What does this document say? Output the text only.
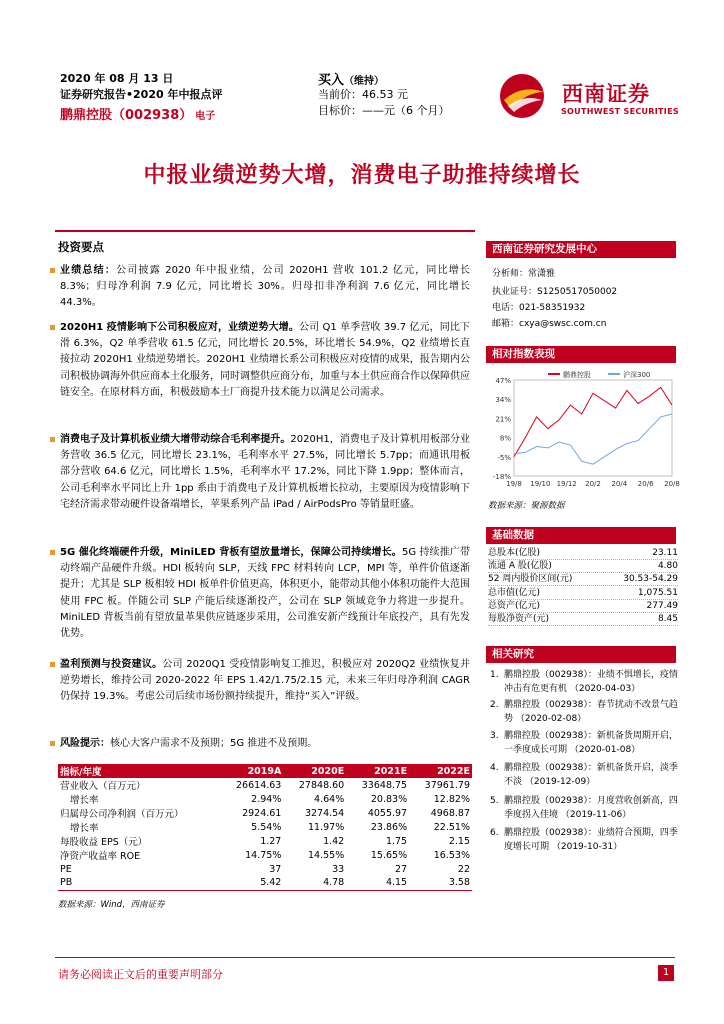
2020 年 08 月 13 日
证券研究报告•2020 年中报点评
鹏鼎控股（002938） 电子
买入（维持）
当前价：46.53 元
目标价：——元（6 个月）
西南证券
SOUTHWEST SECURITIES
中报业绩逆势大增，消费电子助推持续增长
投资要点
业绩总结：公司披露 2020 年中报业绩，公司 2020H1 营收 101.2 亿元，同比增长 8.3%；归母净利润 7.9 亿元，同比增长 30%。归母扣非净利润 7.6 亿元，同比增长 44.3%。
2020H1 疫情影响下公司积极应对，业绩逆势大增。公司 Q1 单季营收 39.7 亿元，同比下滑 6.3%，Q2 单季营收 61.5 亿元，同比增长 20.5%，环比增长 54.9%，Q2 业绩增长直接拉动 2020H1 业绩逆势增长。2020H1 业绩增长系公司积极应对疫情的成果，报告期内公司积极协调海外供应商本土化服务，同时调整供应商分布，加重与本土供应商合作以保障供应链安全。在原材料方面，积极鼓励本土厂商提升技术能力以满足公司需求。
消费电子及计算机板业绩大增带动综合毛利率提升。2020H1，消费电子及计算机用板部分业务营收 36.5 亿元，同比增长 23.1%，毛利率水平 27.5%，同比增长 5.7pp；而通讯用板部分营收 64.6 亿元，同比增长 1.5%，毛利率水平 17.2%，同比下降 1.9pp；整体而言，公司毛利率水平同比上升 1pp 系由于消费电子及计算机板增长拉动，主要原因为疫情影响下宅经济需求带动硬件设备端增长，苹果系列产品 iPad / AirPodsPro 等销量旺盛。
5G 催化终端硬件升级，MiniLED 背板有望放量增长，保障公司持续增长。5G 持续推广带动终端产品硬件升级。HDI 板转向 SLP，天线 FPC 材料转向 LCP，MPI 等，单件价值逐渐提升；尤其是 SLP 板相较 HDI 板单件价值更高，体积更小，能带动其他小体积功能件大范围使用 FPC 板。伴随公司 SLP 产能后续逐渐投产，公司在 SLP 领域竞争力将进一步提升。MiniLED 背板当前有望放量革果供应链逐步采用，公司淮安新产线预计年底投产，具有先发优势。
盈利预测与投资建议。公司 2020Q1 受疫情影响复工推迟，积极应对 2020Q2 业绩恢复并逆势增长，维持公司 2020-2022 年 EPS 1.42/1.75/2.15 元，未来三年归母净利润 CAGR 仍保持 19.3%。考虑公司后续市场份额持续提升，维持“买入”评级。
风险提示：核心大客户需求不及预期；5G 推进不及预期。
指标/年度	2019A	2020E	2021E	2022E
营业收入（百万元）	26614.63	27848.60	33648.75	37961.79
增长率	2.94%	4.64%	20.83%	12.82%
归属母公司净利润（百万元）	2924.61	3274.54	4055.97	4968.87
增长率	5.54%	11.97%	23.86%	22.51%
每股收益 EPS（元）	1.27	1.42	1.75	2.15
净资产收益率 ROE	14.75%	14.55%	15.65%	16.53%
PE	37	33	27	22
PB	5.42	4.78	4.15	3.58
数据来源：Wind，西南证券
西南证券研究发展中心
分析师：常潇雅
执业证号：S1250517050002
电话：021-58351932
邮箱：cxya@swsc.com.cn
相对指数表现
47%
34%
21%
8%
-5%
-18%
19/8 19/10 19/12 20/2 20/4 20/6 20/8
鹏鼎控股	沪深300
数据来源：聚源数据
基础数据
总股本(亿股)	23.11
流通 A 股(亿股)	4.80
52 周内股价区间(元)	30.53-54.29
总市值(亿元)	1,075.51
总资产(亿元)	277.49
每股净资产(元)	8.45
相关研究
1. 鹏鼎控股（002938）：业绩不惧增长，疫情冲击有危更有机 （2020-04-03）
2. 鹏鼎控股（002938）：春节扰动不改景气趋势 （2020-02-08）
3. 鹏鼎控股（002938）：新机备货周期开启，一季度成长可期 （2020-01-08）
4. 鹏鼎控股（002938）：新机备货开启，淡季不淡 （2019-12-09）
5. 鹏鼎控股（002938）：月度营收创新高，四季度拐入佳境 （2019-11-06）
6. 鹏鼎控股（002938）：业绩符合预期，四季度增长可期 （2019-10-31）
请务必阅读正文后的重要声明部分	1
